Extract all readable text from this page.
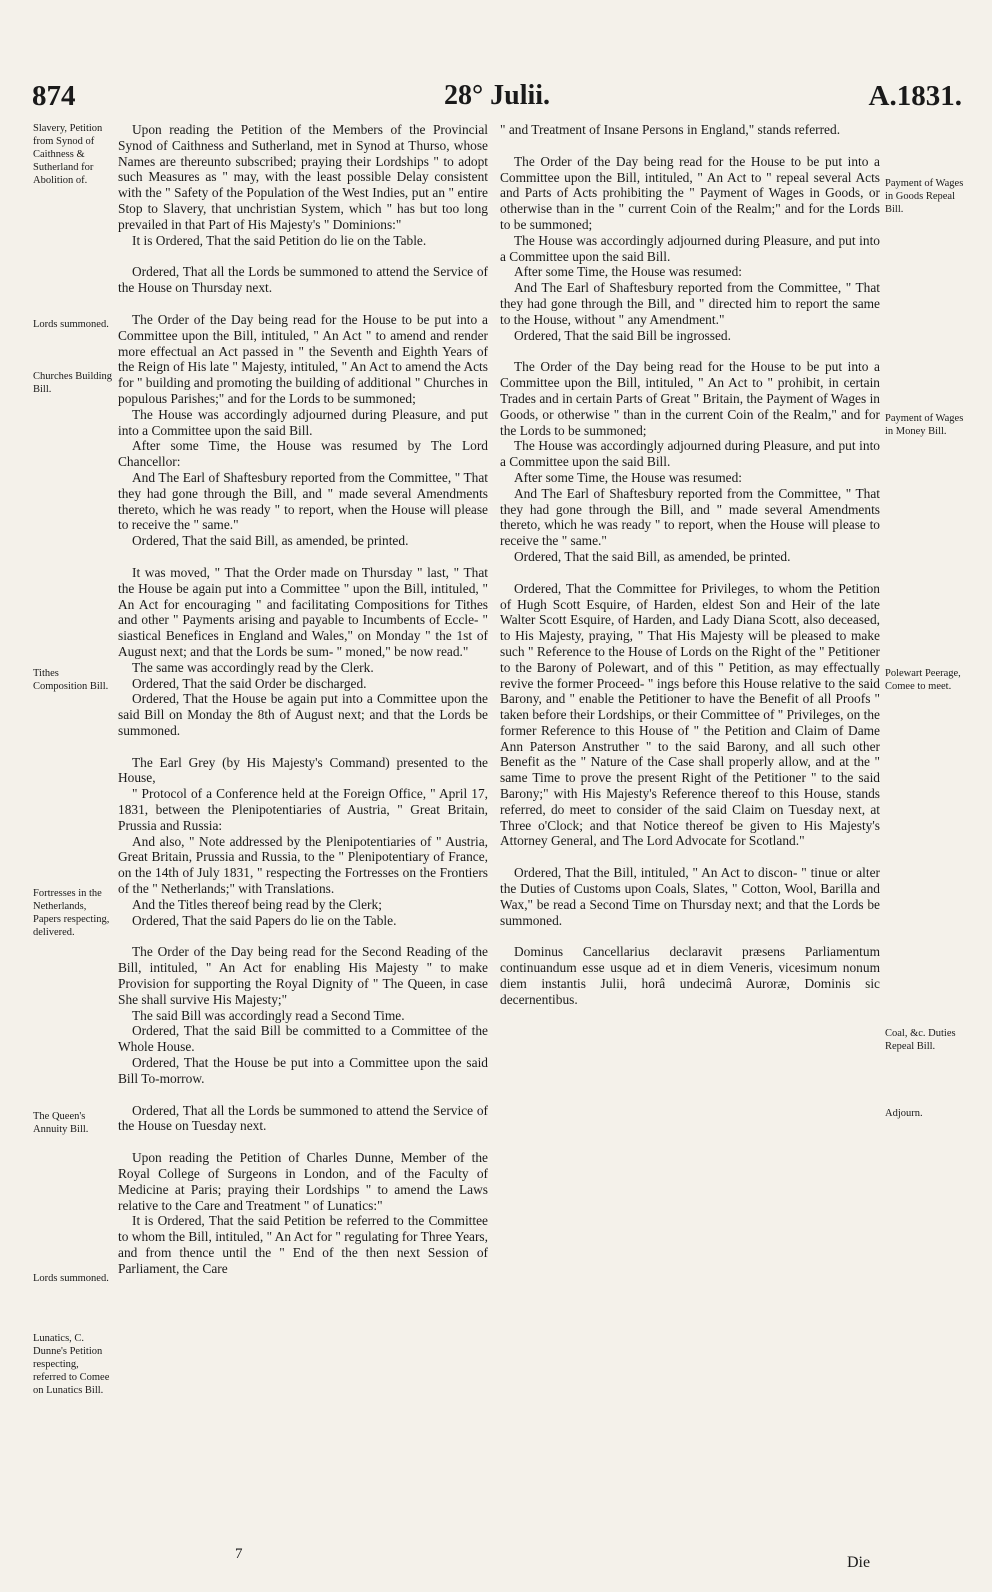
874	28° Julii.	A.1831.
Slavery, Petition from Synod of Caithness & Sutherland for Abolition of.
Lords summoned.
Churches Building Bill.
Tithes Composition Bill.
Fortresses in the Netherlands, Papers respecting, delivered.
The Queen's Annuity Bill.
Lords summoned.
Lunatics, C. Dunne's Petition respecting, referred to Comee on Lunatics Bill.
Payment of Wages in Goods Repeal Bill.
Payment of Wages in Money Bill.
Polewart Peerage, Comee to meet.
Coal, &c. Duties Repeal Bill.
Adjourn.

Upon reading the Petition of the Members of the Provincial Synod of Caithness and Sutherland, met in Synod at Thurso, whose Names are thereunto subscribed; praying their Lordships " to adopt such Measures as " may, with the least possible Delay consistent with the " Safety of the Population of the West Indies, put an " entire Stop to Slavery, that unchristian System, which " has but too long prevailed in that Part of His Majesty's " Dominions:"

It is Ordered, That the said Petition do lie on the Table.

Ordered, That all the Lords be summoned to attend the Service of the House on Thursday next.

The Order of the Day being read for the House to be put into a Committee upon the Bill, intituled, " An Act " to amend and render more effectual an Act passed in " the Seventh and Eighth Years of the Reign of His late " Majesty, intituled, " An Act to amend the Acts for " building and promoting the building of additional " Churches in populous Parishes;" and for the Lords to be summoned;

The House was accordingly adjourned during Pleasure, and put into a Committee upon the said Bill.

After some Time, the House was resumed by The Lord Chancellor:

And The Earl of Shaftesbury reported from the Committee, " That they had gone through the Bill, and " made several Amendments thereto, which he was ready " to report, when the House will please to receive the " same."

Ordered, That the said Bill, as amended, be printed.

It was moved, " That the Order made on Thursday " last, " That the House be again put into a Committee " upon the Bill, intituled, " An Act for encouraging " and facilitating Compositions for Tithes and other " Payments arising and payable to Incumbents of Eccle- " siastical Benefices in England and Wales," on Monday " the 1st of August next; and that the Lords be sum- " moned," be now read."

The same was accordingly read by the Clerk.

Ordered, That the said Order be discharged.

Ordered, That the House be again put into a Committee upon the said Bill on Monday the 8th of August next; and that the Lords be summoned.

The Earl Grey (by His Majesty's Command) presented to the House,

" Protocol of a Conference held at the Foreign Office, " April 17, 1831, between the Plenipotentiaries of Austria, " Great Britain, Prussia and Russia:

And also, " Note addressed by the Plenipotentiaries of " Austria, Great Britain, Prussia and Russia, to the " Plenipotentiary of France, on the 14th of July 1831, " respecting the Fortresses on the Frontiers of the " Netherlands;" with Translations.

And the Titles thereof being read by the Clerk;

Ordered, That the said Papers do lie on the Table.

The Order of the Day being read for the Second Reading of the Bill, intituled, " An Act for enabling His Majesty " to make Provision for supporting the Royal Dignity of " The Queen, in case She shall survive His Majesty;"

The said Bill was accordingly read a Second Time.

Ordered, That the said Bill be committed to a Committee of the Whole House.

Ordered, That the House be put into a Committee upon the said Bill To-morrow.

Ordered, That all the Lords be summoned to attend the Service of the House on Tuesday next.

Upon reading the Petition of Charles Dunne, Member of the Royal College of Surgeons in London, and of the Faculty of Medicine at Paris; praying their Lordships " to amend the Laws relative to the Care and Treatment " of Lunatics:"

It is Ordered, That the said Petition be referred to the Committee to whom the Bill, intituled, " An Act for " regulating for Three Years, and from thence until the " End of the then next Session of Parliament, the Care

" and Treatment of Insane Persons in England," stands referred.

The Order of the Day being read for the House to be put into a Committee upon the Bill, intituled, " An Act to " repeal several Acts and Parts of Acts prohibiting the " Payment of Wages in Goods, or otherwise than in the " current Coin of the Realm;" and for the Lords to be summoned;

The House was accordingly adjourned during Pleasure, and put into a Committee upon the said Bill.

After some Time, the House was resumed:

And The Earl of Shaftesbury reported from the Committee, " That they had gone through the Bill, and " directed him to report the same to the House, without " any Amendment."

Ordered, That the said Bill be ingrossed.

The Order of the Day being read for the House to be put into a Committee upon the Bill, intituled, " An Act to " prohibit, in certain Trades and in certain Parts of Great " Britain, the Payment of Wages in Goods, or otherwise " than in the current Coin of the Realm," and for the Lords to be summoned;

The House was accordingly adjourned during Pleasure, and put into a Committee upon the said Bill.

After some Time, the House was resumed:

And The Earl of Shaftesbury reported from the Committee, " That they had gone through the Bill, and " made several Amendments thereto, which he was ready " to report, when the House will please to receive the " same."

Ordered, That the said Bill, as amended, be printed.

Ordered, That the Committee for Privileges, to whom the Petition of Hugh Scott Esquire, of Harden, eldest Son and Heir of the late Walter Scott Esquire, of Harden, and Lady Diana Scott, also deceased, to His Majesty, praying, " That His Majesty will be pleased to make such " Reference to the House of Lords on the Right of the " Petitioner to the Barony of Polewart, and of this " Petition, as may effectually revive the former Proceed- " ings before this House relative to the said Barony, and " enable the Petitioner to have the Benefit of all Proofs " taken before their Lordships, or their Committee of " Privileges, on the former Reference to this House of " the Petition and Claim of Dame Ann Paterson Anstruther " to the said Barony, and all such other Benefit as the " Nature of the Case shall properly allow, and at the " same Time to prove the present Right of the Petitioner " to the said Barony;" with His Majesty's Reference thereof to this House, stands referred, do meet to consider of the said Claim on Tuesday next, at Three o'Clock; and that Notice thereof be given to His Majesty's Attorney General, and The Lord Advocate for Scotland."

Ordered, That the Bill, intituled, " An Act to discon- " tinue or alter the Duties of Customs upon Coals, Slates, " Cotton, Wool, Barilla and Wax," be read a Second Time on Thursday next; and that the Lords be summoned.

Dominus Cancellarius declaravit præsens Parliamentum continuandum esse usque ad et in diem Veneris, vicesimum nonum diem instantis Julii, horâ undecimâ Auroræ, Dominis sic decernentibus.

7	Die
